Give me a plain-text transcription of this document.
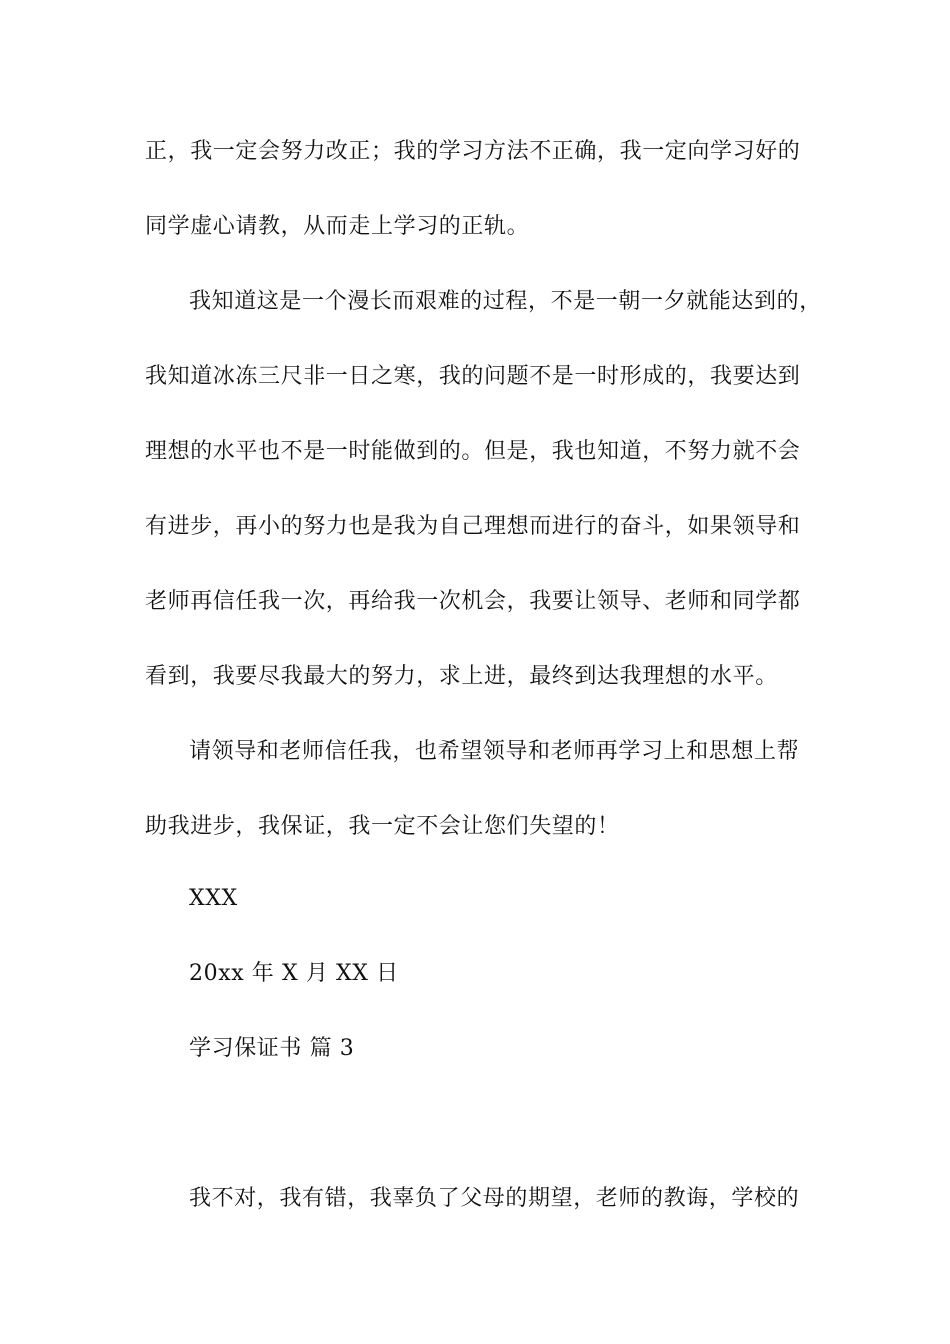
正，我一定会努力改正；我的学习方法不正确，我一定向学习好的
同学虚心请教，从而走上学习的正轨。
我知道这是一个漫长而艰难的过程，不是一朝一夕就能达到的，
我知道冰冻三尺非一日之寒，我的问题不是一时形成的，我要达到
理想的水平也不是一时能做到的。但是，我也知道，不努力就不会
有进步，再小的努力也是我为自己理想而进行的奋斗，如果领导和
老师再信任我一次，再给我一次机会，我要让领导、老师和同学都
看到，我要尽我最大的努力，求上进，最终到达我理想的水平。
请领导和老师信任我，也希望领导和老师再学习上和思想上帮
助我进步，我保证，我一定不会让您们失望的！
XXX
20xx 年 X 月 XX 日
学习保证书 篇 3
我不对，我有错，我辜负了父母的期望，老师的教诲，学校的
